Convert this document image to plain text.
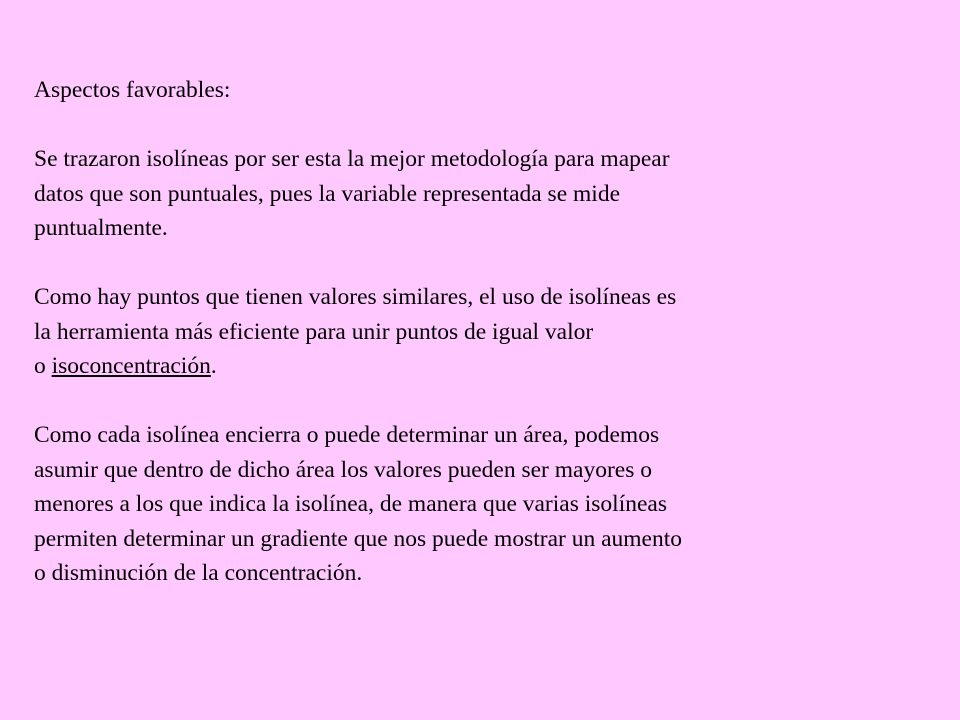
Aspectos favorables:

Se trazaron isolíneas por ser esta la mejor metodología para mapear
datos que son puntuales, pues la variable representada se mide
puntualmente.

Como hay puntos que tienen valores similares, el uso de isolíneas es
la herramienta más eficiente para unir puntos de igual valor
o isoconcentración.

Como cada isolínea encierra o puede determinar un área, podemos
asumir que dentro de dicho área los valores pueden ser mayores o
menores a los que indica la isolínea, de manera que varias isolíneas
permiten determinar un gradiente que nos puede mostrar un aumento
o disminución de la concentración.
